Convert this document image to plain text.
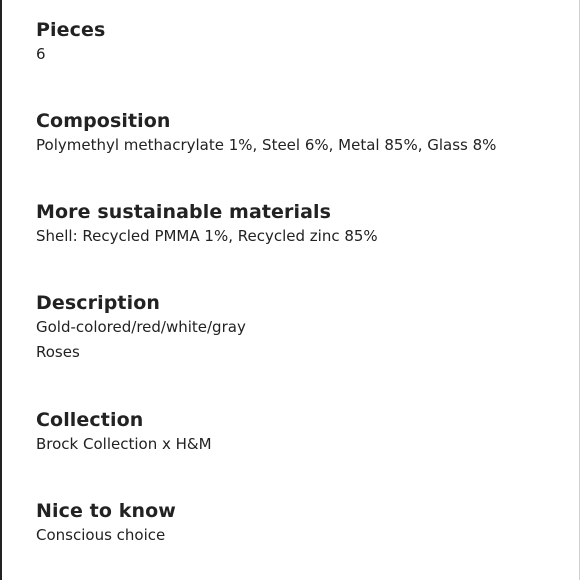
Pieces
6
Composition
Polymethyl methacrylate 1%, Steel 6%, Metal 85%, Glass 8%
More sustainable materials
Shell: Recycled PMMA 1%, Recycled zinc 85%
Description
Gold-colored/red/white/gray
Roses
Collection
Brock Collection x H&M
Nice to know
Conscious choice
